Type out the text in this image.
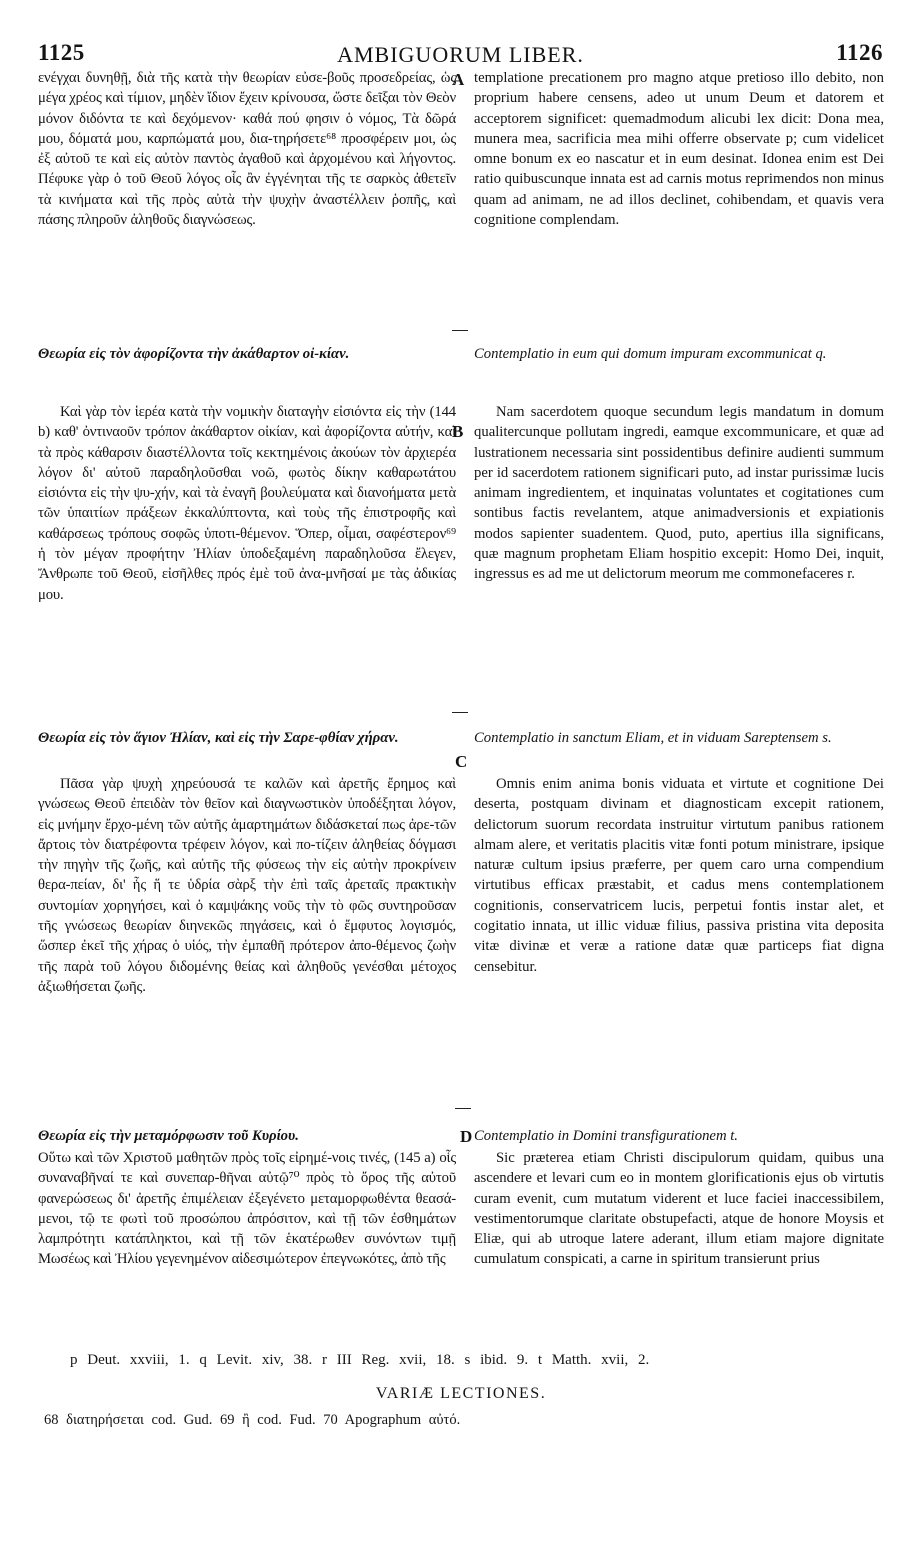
1125	AMBIGUORUM LIBER.	1126
A
B
C
D

ενέγχαι δυνηθῇ, διὰ τῆς κατὰ τὴν θεωρίαν εὐσε-βοῦς προσεδρείας, ὡς μέγα χρέος καὶ τίμιον, μηδὲν ἴδιον ἔχειν κρίνουσα, ὥστε δεῖξαι τὸν Θεὸν μόνον διδόντα τε καὶ δεχόμενον· καθά πού φησιν ὁ νόμος, Τὰ δῶρά μου, δόματά μου, καρπώματά μου, δια-τηρήσετε⁶⁸ προσφέρειν μοι, ὡς ἐξ αὐτοῦ τε καὶ εἰς αὐτὸν παντὸς ἀγαθοῦ καὶ ἀρχομένου καὶ λήγοντος. Πέφυκε γὰρ ὁ τοῦ Θεοῦ λόγος οἷς ἂν ἐγγένηται τῆς τε σαρκὸς ἀθετεῖν τὰ κινήματα καὶ τῆς πρὸς αὐτὰ τὴν ψυχὴν ἀναστέλλειν ῥοπῆς, καὶ πάσης πληροῦν ἀληθοῦς διαγνώσεως.

Θεωρία εἰς τὸν ἀφορίζοντα τὴν ἀκάθαρτον οἰ-κίαν.

Καὶ γὰρ τὸν ἱερέα κατὰ τὴν νομικὴν διαταγὴν εἰσιόντα εἰς τὴν (144 b) καθ' ὀντιναοῦν τρόπον ἀκάθαρτον οἰκίαν, καὶ ἀφορίζοντα αὐτήν, καὶ τὰ πρὸς κάθαρσιν διαστέλλοντα τοῖς κεκτημένοις ἀκούων τὸν ἀρχιερέα λόγον δι' αὐτοῦ παραδηλοῦσθαι νοῶ, φωτὸς δίκην καθαρωτάτου εἰσιόντα εἰς τὴν ψυ-χήν, καὶ τὰ ἐναγῆ βουλεύματα καὶ διανοήματα μετὰ τῶν ὑπαιτίων πράξεων ἐκκαλύπτοντα, καὶ τοὺς τῆς ἐπιστροφῆς καὶ καθάρσεως τρόπους σοφῶς ὑποτι-θέμενον. Ὅπερ, οἶμαι, σαφέστερον⁶⁹ ἡ τὸν μέγαν προφήτην Ἠλίαν ὑποδεξαμένη παραδηλοῦσα ἔλεγεν, Ἄνθρωπε τοῦ Θεοῦ, εἰσῆλθες πρός ἐμὲ τοῦ ἀνα-μνῆσαί με τὰς ἀδικίας μου.

Θεωρία εἰς τὸν ἅγιον Ἠλίαν, καὶ εἰς τὴν Σαρε-φθίαν χήραν.

Πᾶσα γὰρ ψυχὴ χηρεύουσά τε καλῶν καὶ ἀρετῆς ἔρημος καὶ γνώσεως Θεοῦ ἐπειδὰν τὸν θεῖον καὶ διαγνωστικὸν ὑποδέξηται λόγον, εἰς μνήμην ἔρχο-μένη τῶν αὐτῆς ἁμαρτημάτων διδάσκεταί πως ἀρε-τῶν ἄρτοις τὸν διατρέφοντα τρέφειν λόγον, καὶ πο-τίζειν ἀληθείας δόγμασι τὴν πηγὴν τῆς ζωῆς, καὶ αὐτῆς τῆς φύσεως τὴν εἰς αὐτὴν προκρίνειν θερα-πείαν, δι' ἧς ἥ τε ὑδρία σὰρξ τὴν ἐπὶ ταῖς ἀρεταῖς πρακτικὴν συντομίαν χορηγήσει, καὶ ὁ καμψάκης νοῦς τὴν τὸ φῶς συντηροῦσαν τῆς γνώσεως θεωρίαν διηνεκῶς πηγάσεις, καὶ ὁ ἔμφυτος λογισμός, ὥσπερ ἐκεῖ τῆς χήρας ὁ υἱός, τὴν ἐμπαθῆ πρότερον ἀπο-θέμενος ζωὴν τῆς παρὰ τοῦ λόγου διδομένης θείας καὶ ἀληθοῦς γενέσθαι μέτοχος ἀξιωθήσεται ζωῆς.

Θεωρία εἰς τὴν μεταμόρφωσιν τοῦ Κυρίου.

Οὕτω καὶ τῶν Χριστοῦ μαθητῶν πρὸς τοῖς εἰρημέ-νοις τινές, (145 a) οἷς συναναβῆναί τε καὶ συνεπαρ-θῆναι αὐτῷ⁷⁰ πρὸς τὸ ὄρος τῆς αὐτοῦ φανερώσεως δι' ἀρετῆς ἐπιμέλειαν ἐξεγένετο μεταμορφωθέντα θεασά-μενοι, τῷ τε φωτὶ τοῦ προσώπου ἀπρόσιτον, καὶ τῇ τῶν ἐσθημάτων λαμπρότητι κατάπληκτοι, καὶ τῇ τῶν ἑκατέρωθεν συνόντων τιμῇ Μωσέως καὶ Ἠλίου γεγενημένον αἰδεσιμώτερον ἐπεγνωκότες, ἀπὸ τῆς

templatione precationem pro magno atque pretioso illo debito, non proprium habere censens, adeo ut unum Deum et datorem et acceptorem significet: quemadmodum alicubi lex dicit: Dona mea, munera mea, sacrificia mea mihi offerre observate p; cum videlicet omne bonum ex eo nascatur et in eum desinat. Idonea enim est Dei ratio quibuscunque innata est ad carnis motus reprimendos non minus quam ad animam, ne ad illos declinet, cohibendam, et quavis vera cognitione complendam.

Contemplatio in eum qui domum impuram excommunicat q.

Nam sacerdotem quoque secundum legis mandatum in domum qualitercunque pollutam ingredi, eamque excommunicare, et quæ ad lustrationem necessaria sint possidentibus definire audienti summum per id sacerdotem rationem significari puto, ad instar purissimæ lucis animam ingredientem, et inquinatas voluntates et cogitationes cum sontibus factis revelantem, atque animadversionis et expiationis modos sapienter suadentem. Quod, puto, apertius illa significans, quæ magnum prophetam Eliam hospitio excepit: Homo Dei, inquit, ingressus es ad me ut delictorum meorum me commonefaceres r.

Contemplatio in sanctum Eliam, et in viduam Sareptensem s.

Omnis enim anima bonis viduata et virtute et cognitione Dei deserta, postquam divinam et diagnosticam excepit rationem, delictorum suorum recordata instruitur virtutum panibus rationem almam alere, et veritatis placitis vitæ fonti potum ministrare, ipsique naturæ cultum ipsius præferre, per quem caro urna compendium virtutibus efficax præstabit, et cadus mens contemplationem cognitionis, conservatricem lucis, perpetui fontis instar alet, et cogitatio innata, ut illic viduæ filius, passiva pristina vita deposita vitæ divinæ et veræ a ratione datæ quæ particeps fiat digna censebitur.

Contemplatio in Domini transfigurationem t.

Sic præterea etiam Christi discipulorum quidam, quibus una ascendere et levari cum eo in montem glorificationis ejus ob virtutis curam evenit, cum mutatum viderent et luce faciei inaccessibilem, vestimentorumque claritate obstupefacti, atque de honore Moysis et Eliæ, qui ab utroque latere aderant, illum etiam majore dignitate cumulatum conspicati, a carne in spiritum transierunt prius

p Deut. xxviii, 1. q Levit. xiv, 38. r III Reg. xvii, 18. s ibid. 9. t Matth. xvii, 2.
VARIÆ LECTIONES.
68 διατηρήσεται cod. Gud. 69 ἢ cod. Fud. 70 Apographum αὐτό.
